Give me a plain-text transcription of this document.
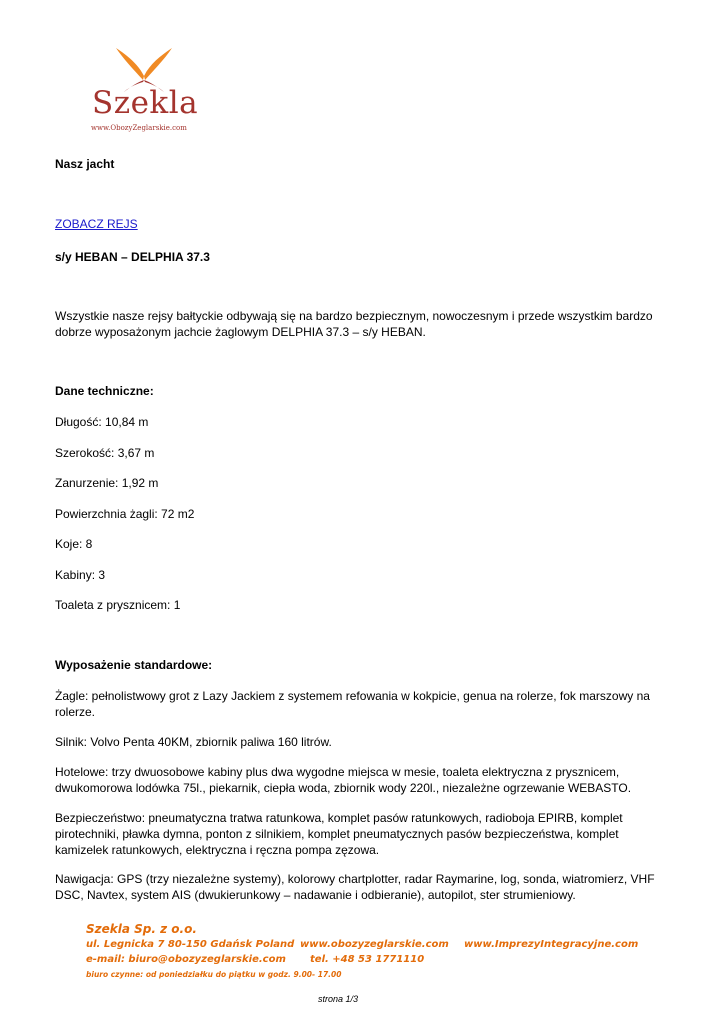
Szekla
www.ObozyZeglarskie.com

Nasz jacht

ZOBACZ REJS

s/y HEBAN – DELPHIA 37.3

Wszystkie nasze rejsy bałtyckie odbywają się na bardzo bezpiecznym, nowoczesnym i przede wszystkim bardzo dobrze wyposażonym jachcie żaglowym DELPHIA 37.3 – s/y HEBAN.

Dane techniczne:

Długość: 10,84 m

Szerokość: 3,67 m

Zanurzenie: 1,92 m

Powierzchnia żagli: 72 m2

Koje: 8

Kabiny: 3

Toaleta z prysznicem: 1

Wyposażenie standardowe:

Żagle: pełnolistwowy grot z Lazy Jackiem z systemem refowania w kokpicie, genua na rolerze, fok marszowy na rolerze.

Silnik: Volvo Penta 40KM, zbiornik paliwa 160 litrów.

Hotelowe: trzy dwuosobowe kabiny plus dwa wygodne miejsca w mesie, toaleta elektryczna z prysznicem, dwukomorowa lodówka 75l., piekarnik, ciepła woda, zbiornik wody 220l., niezależne ogrzewanie WEBASTO.

Bezpieczeństwo: pneumatyczna tratwa ratunkowa, komplet pasów ratunkowych, radioboja EPIRB, komplet pirotechniki, pławka dymna, ponton z silnikiem, komplet pneumatycznych pasów bezpieczeństwa, komplet kamizelek ratunkowych, elektryczna i ręczna pompa zęzowa.

Nawigacja: GPS (trzy niezależne systemy), kolorowy chartplotter, radar Raymarine, log, sonda, wiatromierz, VHF DSC, Navtex, system AIS (dwukierunkowy – nadawanie i odbieranie), autopilot, ster strumieniowy.

Szekla Sp. z o.o.
ul. Legnicka 7 80-150 Gdańsk Poland www.obozyzeglarskie.com www.ImprezyIntegracyjne.com
e-mail: biuro@obozyzeglarskie.com tel. +48 53 1771110
biuro czynne: od poniedziałku do piątku w godz. 9.00- 17.00
strona 1/3
